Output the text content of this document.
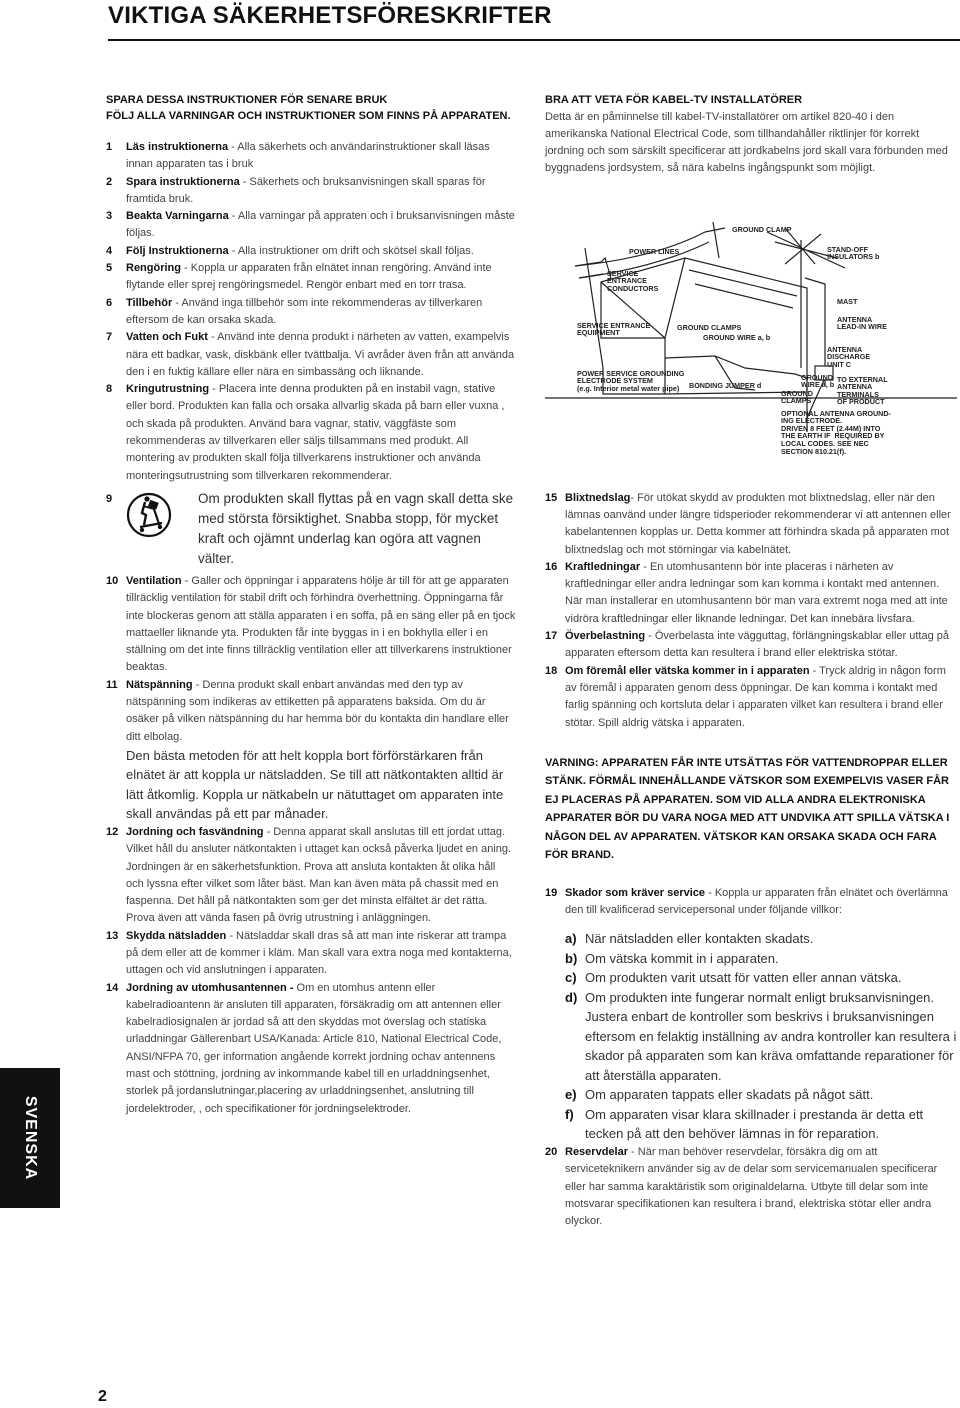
VIKTIGA SÄKERHETSFÖRESKRIFTER
SPARA DESSA INSTRUKTIONER FÖR SENARE BRUK
FÖLJ ALLA VARNINGAR OCH INSTRUKTIONER SOM FINNS PÅ APPARATEN.
1	Läs instruktionerna - Alla säkerhets och användarinstruktioner skall läsas innan apparaten tas i bruk
2	Spara instruktionerna - Säkerhets och bruksanvisningen skall sparas för framtida bruk.
3	Beakta Varningarna - Alla varningar på appraten och i bruksanvisningen måste följas.
4	Följ Instruktionerna - Alla instruktioner om drift och skötsel skall följas.
5	Rengöring - Koppla ur apparaten från elnätet innan rengöring. Använd inte flytande eller sprej rengöringsmedel. Rengör enbart med en torr trasa.
6	Tillbehör - Använd inga tillbehör som inte rekommenderas av tillverkaren eftersom de kan orsaka skada.
7	Vatten och Fukt - Använd inte denna produkt i närheten av vatten, exampelvis nära ett badkar, vask, diskbänk eller tvättbalja. Vi avråder även från att använda den i en fuktig källare eller nära en simbassäng och liknande.
8	Kringutrustning - Placera inte denna produkten på en instabil vagn, stative eller bord. Produkten kan falla och orsaka allvarlig skada på barn eller vuxna , och skada på produkten. Använd bara vagnar, stativ, väggfäste som rekommenderas av tillverkaren eller säljs tillsammans med produkt. All montering av produkten skall följa tillverkarens instruktioner och använda monteringsutrustning som tillverkaren rekommenderar.
9	Om produkten skall flyttas på en vagn skall detta ske med största försiktighet. Snabba stopp, för mycket kraft och ojämnt underlag kan ogöra att vagnen välter.
10 Ventilation - Galler och öppningar i apparatens hölje är till för att ge apparaten tillräcklig ventilation för stabil drift och förhindra överhettning. Öppningarna får inte blockeras genom att ställa apparaten i en soffa, på en säng eller på en tjock mattaeller liknande yta. Produkten får inte byggas in i en bokhylla eller i en ställning om det inte finns tillräcklig ventilation eller att tillverkarens instruktioner beaktas.
11 Nätspänning - Denna produkt skall enbart användas med den typ av nätspänning som indikeras av ettiketten på apparatens baksida. Om du är osäker på vilken nätspänning du har hemma bör du kontakta din handlare eller ditt elbolag.
Den bästa metoden för att helt koppla bort förförstärkaren från elnätet är att koppla ur nätsladden. Se till att nätkontakten alltid är lätt åtkomlig. Koppla ur nätkabeln ur nätuttaget om apparaten inte skall användas på ett par månader.
12 Jordning och fasvändning - Denna apparat skall anslutas till ett jordat uttag. Vilket håll du ansluter nätkontakten i uttaget kan också påverka ljudet en aning. Jordningen är en säkerhetsfunktion. Prova att ansluta kontakten åt olika håll och lyssna efter vilket som låter bäst. Man kan även mäta på chassit med en faspenna. Det håll på nätkontakten som ger det minsta elfältet är det rätta. Prova även att vända fasen på övrig utrustning i anläggningen.
13 Skydda nätsladden - Nätsladdar skall dras så att man inte riskerar att trampa på dem eller att de kommer i kläm. Man skall vara extra noga med kontakterna, uttagen och vid anslutningen i apparaten.
14 Jordning av utomhusantennen - Om en utomhus antenn eller kabelradioantenn är ansluten till apparaten, försäkradig om att antennen eller kabelradiosignalen är jordad så att den skyddas mot överslag och statiska urladdningar Gällerenbart USA/Kanada: Article 810, National Electrical Code, ANSI/NFPA 70, ger information angående korrekt jordning ochav antennens mast och stöttning, jordning av inkommande kabel till en urladdningsenhet, storlek på jordanslutningar,placering av urladdningsenhet, anslutning till jordelektroder, , och specifikationer för jordningselektroder.
BRA ATT VETA FÖR KABEL-TV INSTALLATÖRER
Detta är en påminnelse till kabel-TV-installatörer om artikel 820-40 i den amerikanska National Electrical Code, som tillhandahåller riktlinjer för korrekt jordning och som särskilt specificerar att jordkabelns jord skall vara förbunden med byggnadens jordsystem, så nära kabelns ingångspunkt som möjligt.
GROUND CLAMP
POWER LINES
SERVICE
ENTRANCE
CONDUCTORS
STAND-OFF
INSULATORS b
MAST
ANTENNA
LEAD-IN WIRE
SERVICE ENTRANCE
EQUIPMENT
GROUND CLAMPS
GROUND WIRE a, b
ANTENNA
DISCHARGE
UNIT C
POWER SERVICE GROUNDING
ELECTRODE SYSTEM
(e.g. Interior metal water pipe)	BONDING JUMPER d
GROUND
WIRE a, b
TO EXTERNAL
ANTENNA
TERMINALS
OF PRODUCT
GROUND
CLAMPS
OPTIONAL ANTENNA GROUND-
ING ELECTRODE.
DRIVEN 8 FEET (2.44M) INTO
THE EARTH IF  REQUIRED BY
LOCAL CODES. SEE NEC
SECTION 810.21(f).
15 Blixtnedslag- För utökat skydd av produkten mot blixtnedslag, eller när den lämnas oanvänd under längre tidsperioder rekommenderar vi att antennen eller kabelantennen kopplas ur. Detta kommer att förhindra skada på apparaten mot blixtnedslag och mot störningar via kabelnätet.
16 Kraftledningar - En utomhusantenn bör inte placeras i närheten av kraftledningar eller andra ledningar som kan komma i kontakt med antennen. När man installerar en utomhusantenn bör man vara extremt noga med att inte vidröra kraftledningar eller liknande ledningar. Det kan innebära livsfara.
17 Överbelastning - Överbelasta inte vägguttag, förlängningskablar eller uttag på apparaten eftersom detta kan resultera i brand eller elektriska stötar.
18 Om föremål eller vätska kommer in i apparaten - Tryck aldrig in någon form av föremål i apparaten genom dess öppningar. De kan komma i kontakt med farlig spänning och kortsluta delar i apparaten vilket kan resultera i brand eller stötar. Spill aldrig vätska i apparaten.
VARNING: APPARATEN FÅR INTE UTSÄTTAS FÖR VATTENDROPPAR ELLER STÄNK. FÖRMÅL INNEHÅLLANDE VÄTSKOR SOM EXEMPELVIS VASER FÅR EJ PLACERAS PÅ APPARATEN. SOM VID ALLA ANDRA ELEKTRONISKA APPARATER BÖR DU VARA NOGA MED ATT UNDVIKA ATT SPILLA VÄTSKA I NÅGON DEL AV APPARATEN. VÄTSKOR KAN ORSAKA SKADA OCH FARA FÖR BRAND.
19 Skador som kräver service - Koppla ur apparaten från elnätet och överlämna den till kvalificerad servicepersonal under följande villkor:
a) När nätsladden eller kontakten skadats.
b) Om vätska kommit in i apparaten.
c) Om produkten varit utsatt för vatten eller annan vätska.
d) Om produkten inte fungerar normalt enligt bruksanvisningen. Justera enbart de kontroller som beskrivs i bruksanvisningen eftersom en felaktig inställning av andra kontroller kan resultera i skador på apparaten som kan kräva omfattande reparationer för att återställa apparaten.
e) Om apparaten tappats eller skadats på något sätt.
f) Om apparaten visar klara skillnader i prestanda är detta ett tecken på att den behöver lämnas in för reparation.
20 Reservdelar - När man behöver reservdelar, försäkra dig om att serviceteknikern använder sig av de delar som servicemanualen specificerar eller har samma karaktäristik som originaldelarna. Utbyte till delar som inte motsvarar specifikationen kan resultera i brand, elektriska stötar eller andra olyckor.
SVENSKA
2
